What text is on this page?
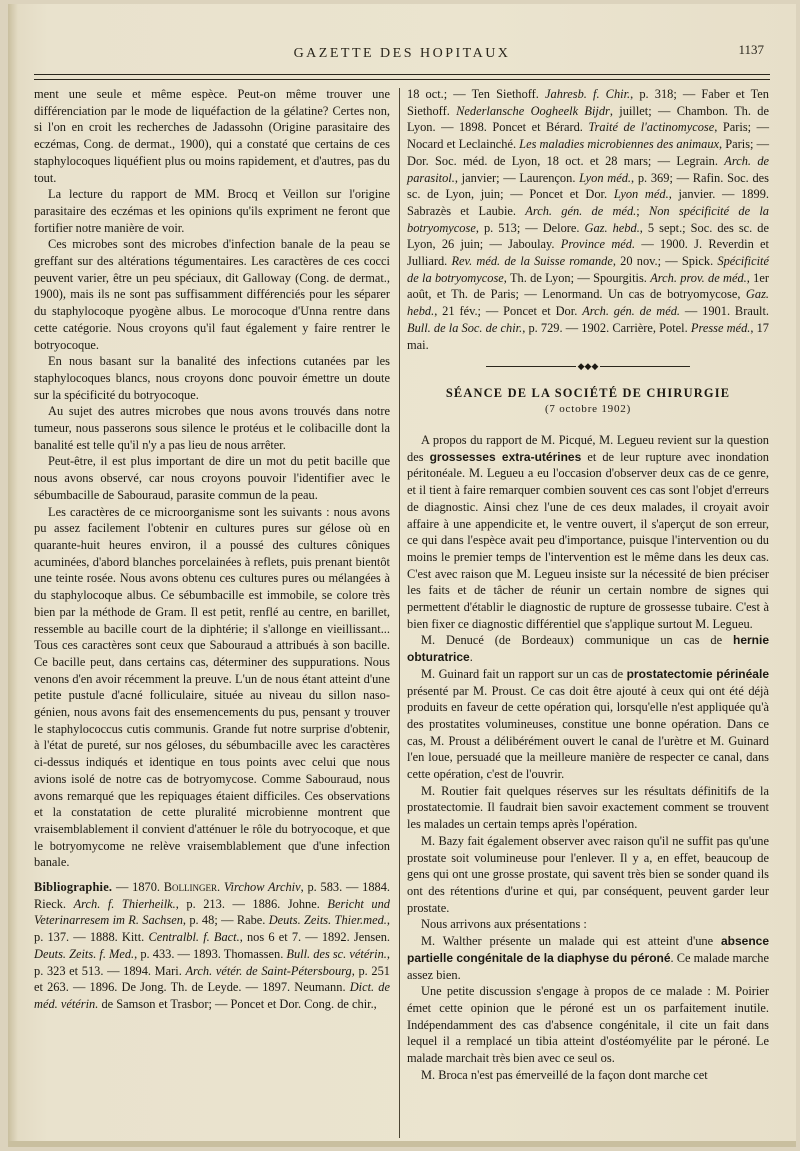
GAZETTE DES HOPITAUX	1137

ment une seule et même espèce. Peut-on même trouver une différenciation par le mode de liquéfaction de la gélatine? Certes non, si l'on en croit les recherches de Jadassohn (Origine parasitaire des eczémas, Cong. de dermat., 1900), qui a constaté que certains de ces staphylocoques liquéfient plus ou moins rapidement, et d'autres, pas du tout.

La lecture du rapport de MM. Brocq et Veillon sur l'origine parasitaire des eczémas et les opinions qu'ils expriment ne feront que fortifier notre manière de voir.

Ces microbes sont des microbes d'infection banale de la peau se greffant sur des altérations tégumentaires. Les caractères de ces cocci peuvent varier, être un peu spéciaux, dit Galloway (Cong. de dermat., 1900), mais ils ne sont pas suffisamment différenciés pour les séparer du staphylocoque pyogène albus. Le morocoque d'Unna rentre dans cette catégorie. Nous croyons qu'il faut également y faire rentrer le botryocoque.

En nous basant sur la banalité des infections cutanées par les staphylocoques blancs, nous croyons donc pouvoir émettre un doute sur la spécificité du botryocoque.

Au sujet des autres microbes que nous avons trouvés dans notre tumeur, nous passerons sous silence le protéus et le colibacille dont la banalité est telle qu'il n'y a pas lieu de nous arrêter.

Peut-être, il est plus important de dire un mot du petit bacille que nous avons observé, car nous croyons pouvoir l'identifier avec le sébumbacille de Sabouraud, parasite commun de la peau.

Les caractères de ce microorganisme sont les suivants : nous avons pu assez facilement l'obtenir en cultures pures sur gélose où en quarante-huit heures environ, il a poussé des cultures côniques acuminées, d'abord blanches porcelainées à reflets, puis prenant bientôt une teinte rosée. Nous avons obtenu ces cultures pures ou mélangées à du staphylocoque albus. Ce sébumbacille est immobile, se colore très bien par la méthode de Gram. Il est petit, renflé au centre, en barillet, ressemble au bacille court de la diphtérie; il s'allonge en vieillissant... Tous ces caractères sont ceux que Sabouraud a attribués à son bacille. Ce bacille peut, dans certains cas, déterminer des suppurations. Nous venons d'en avoir récemment la preuve. L'un de nous étant atteint d'une petite pustule d'acné folliculaire, située au niveau du sillon naso-génien, nous avons fait des ensemencements du pus, pensant y trouver le staphylococcus cutis communis. Grande fut notre surprise d'obtenir, à l'état de pureté, sur nos géloses, du sébumbacille avec les caractères ci-dessus indiqués et identique en tous points avec celui que nous avions isolé de notre cas de botryomycose. Comme Sabouraud, nous avons remarqué que les repiquages étaient difficiles. Ces observations et la constatation de cette pluralité microbienne montrent que vraisemblablement il convient d'atténuer le rôle du botryocoque, et que le botryomycome ne relève vraisemblablement que d'une infection banale.

Bibliographie. — 1870. Bollinger. Virchow Archiv, p. 583. — 1884. Rieck. Arch. f. Thierheilk., p. 213. — 1886. Johne. Bericht und Veterinarresem im R. Sachsen, p. 48; — Rabe. Deuts. Zeits. Thier.med., p. 137. — 1888. Kitt. Centralbl. f. Bact., nos 6 et 7. — 1892. Jensen. Deuts. Zeits. f. Med., p. 433. — 1893. Thomassen. Bull. des sc. vétérin., p. 323 et 513. — 1894. Mari. Arch. vétér. de Saint-Pétersbourg, p. 251 et 263. — 1896. De Jong. Th. de Leyde. — 1897. Neumann. Dict. de méd. vétérin. de Samson et Trasbor; — Poncet et Dor. Cong. de chir.,

18 oct.; — Ten Siethoff. Jahresb. f. Chir., p. 318; — Faber et Ten Siethoff. Nederlansche Oogheelk Bijdr, juillet; — Chambon. Th. de Lyon. — 1898. Poncet et Bérard. Traité de l'actinomycose, Paris; — Nocard et Leclainché. Les maladies microbiennes des animaux, Paris; — Dor. Soc. méd. de Lyon, 18 oct. et 28 mars; — Legrain. Arch. de parasitol., janvier; — Laurençon. Lyon méd., p. 369; — Rafin. Soc. des sc. de Lyon, juin; — Poncet et Dor. Lyon méd., janvier. — 1899. Sabrazès et Laubie. Arch. gén. de méd.; Non spécificité de la botryomycose, p. 513; — Delore. Gaz. hebd., 5 sept.; Soc. des sc. de Lyon, 26 juin; — Jaboulay. Province méd. — 1900. J. Reverdin et Julliard. Rev. méd. de la Suisse romande, 20 nov.; — Spick. Spécificité de la botryomycose, Th. de Lyon; — Spourgitis. Arch. prov. de méd., 1er août, et Th. de Paris; — Lenormand. Un cas de botryomycose, Gaz. hebd., 21 fév.; — Poncet et Dor. Arch. gén. de méd. — 1901. Brault. Bull. de la Soc. de chir., p. 729. — 1902. Carrière, Potel. Presse méd., 17 mai.

◆◆◆
SÉANCE DE LA SOCIÉTÉ DE CHIRURGIE
(7 octobre 1902)

A propos du rapport de M. Picqué, M. Legueu revient sur la question des grossesses extra-utérines et de leur rupture avec inondation péritonéale. M. Legueu a eu l'occasion d'observer deux cas de ce genre, et il tient à faire remarquer combien souvent ces cas sont l'objet d'erreurs de diagnostic. Ainsi chez l'une de ces deux malades, il croyait avoir affaire à une appendicite et, le ventre ouvert, il s'aperçut de son erreur, ce qui dans l'espèce avait peu d'importance, puisque l'intervention ou du moins le premier temps de l'intervention est le même dans les deux cas. C'est avec raison que M. Legueu insiste sur la nécessité de bien préciser les faits et de tâcher de réunir un certain nombre de signes qui permettent d'établir le diagnostic de rupture de grossesse tubaire. C'est à bien fixer ce diagnostic différentiel que s'applique surtout M. Legueu.

M. Denucé (de Bordeaux) communique un cas de hernie obturatrice.

M. Guinard fait un rapport sur un cas de prostatectomie périnéale présenté par M. Proust. Ce cas doit être ajouté à ceux qui ont été déjà produits en faveur de cette opération qui, lorsqu'elle n'est appliquée qu'à des prostatites volumineuses, constitue une bonne opération. Dans ce cas, M. Proust a délibérément ouvert le canal de l'urètre et M. Guinard l'en loue, persuadé que la meilleure manière de respecter ce canal, dans cette opération, c'est de l'ouvrir.

M. Routier fait quelques réserves sur les résultats définitifs de la prostatectomie. Il faudrait bien savoir exactement comment se trouvent les malades un certain temps après l'opération.

M. Bazy fait également observer avec raison qu'il ne suffit pas qu'une prostate soit volumineuse pour l'enlever. Il y a, en effet, beaucoup de gens qui ont une grosse prostate, qui savent très bien se sonder quand ils ont des rétentions d'urine et qui, par conséquent, peuvent garder leur prostate.

Nous arrivons aux présentations :

M. Walther présente un malade qui est atteint d'une absence partielle congénitale de la diaphyse du péroné. Ce malade marche assez bien.

Une petite discussion s'engage à propos de ce malade : M. Poirier émet cette opinion que le péroné est un os parfaitement inutile. Indépendamment des cas d'absence congénitale, il cite un fait dans lequel il a remplacé un tibia atteint d'ostéomyélite par le péroné. Le malade marchait très bien avec ce seul os.

M. Broca n'est pas émerveillé de la façon dont marche cet
